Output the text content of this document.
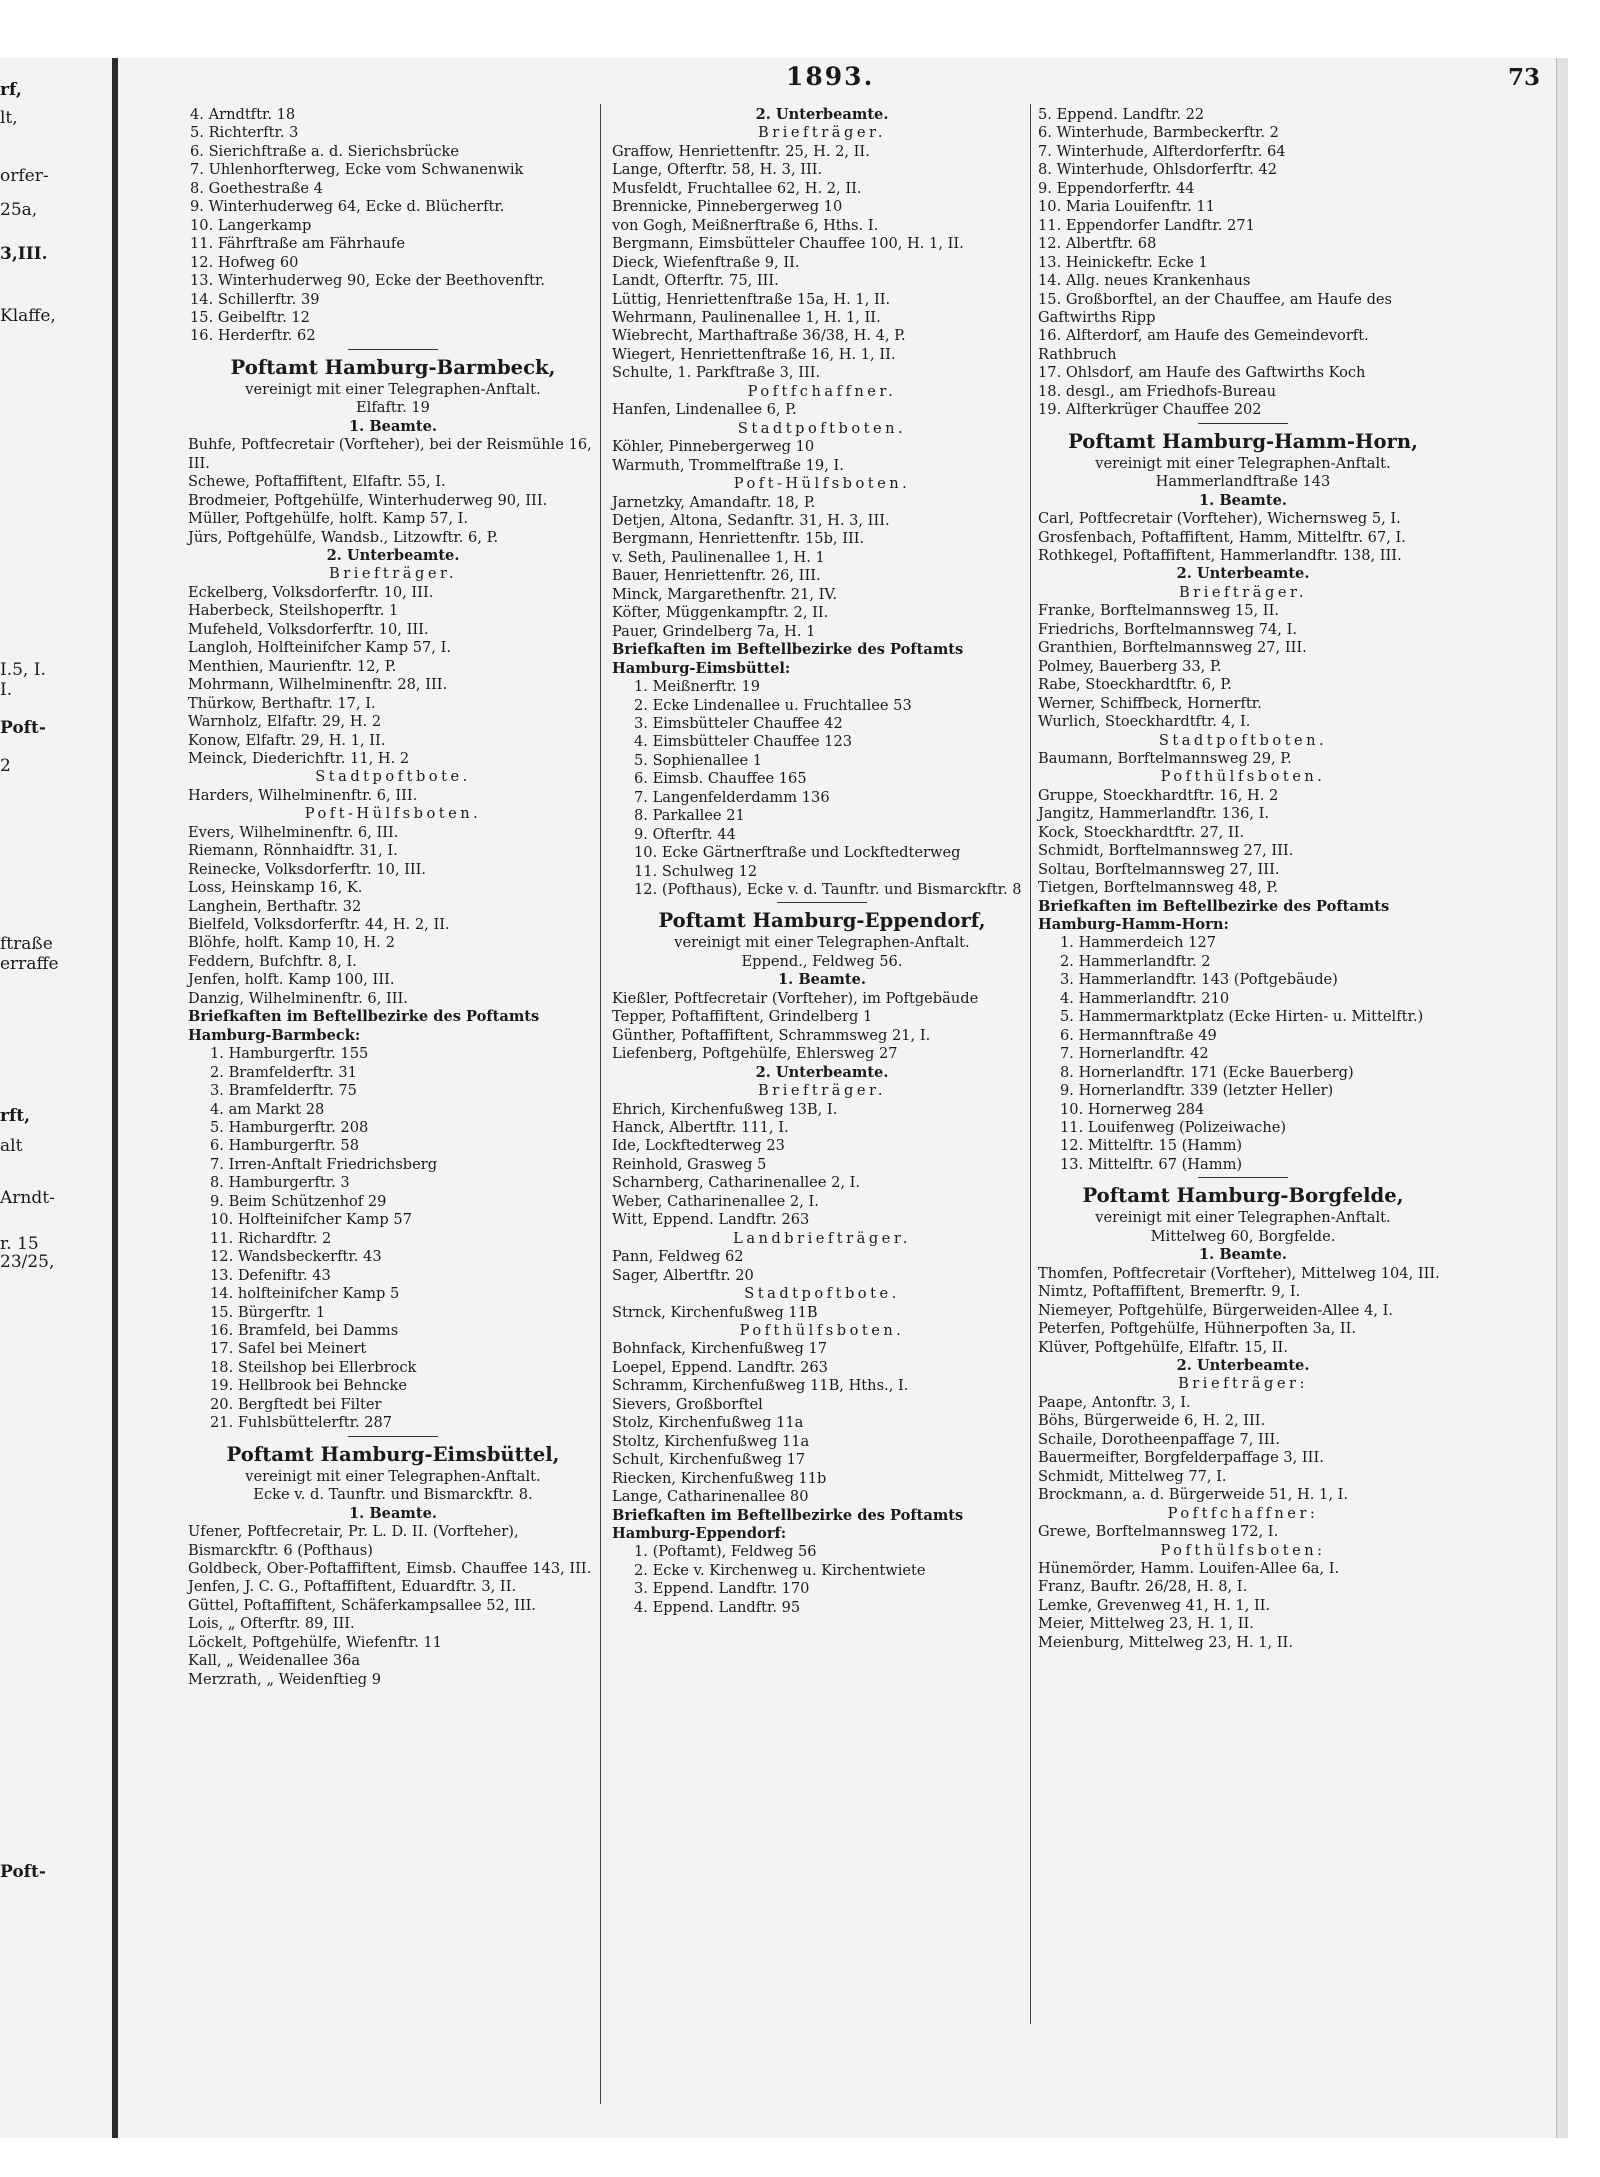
rf,
lt,
orfer-
25a,
3,III.
Klaffe,
I.5, I.
I.
Poft-
2
ftraße
erraffe
rft,
alt
Arndt-
r. 15
23/25,
Poft-
1893.	73
4. Arndtftr. 18
5. Richterftr. 3
6. Sierichftraße a. d. Sierichsbrücke
7. Uhlenhorfterweg, Ecke vom Schwanenwik
8. Goethestraße 4
9. Winterhuderweg 64, Ecke d. Blücherftr.
10. Langerkamp
11. Fährftraße am Fährhaufe
12. Hofweg 60
13. Winterhuderweg 90, Ecke der Beethovenftr.
14. Schillerftr. 39
15. Geibelftr. 12
16. Herderftr. 62
Poftamt Hamburg-Barmbeck,
vereinigt mit einer Telegraphen-Anftalt.
Elfaftr. 19
1. Beamte.
Buhfe, Poftfecretair (Vorfteher), bei der Reismühle 16, III.
Schewe, Poftaffiftent, Elfaftr. 55, I.
Brodmeier, Poftgehülfe, Winterhuderweg 90, III.
Müller, Poftgehülfe, holft. Kamp 57, I.
Jürs, Poftgehülfe, Wandsb., Litzowftr. 6, P.
2. Unterbeamte.
Briefträger.
Eckelberg, Volksdorferftr. 10, III.
Haberbeck, Steilshoperftr. 1
Mufeheld, Volksdorferftr. 10, III.
Langloh, Holfteinifcher Kamp 57, I.
Menthien, Maurienftr. 12, P.
Mohrmann, Wilhelminenftr. 28, III.
Thürkow, Berthaftr. 17, I.
Warnholz, Elfaftr. 29, H. 2
Konow, Elfaftr. 29, H. 1, II.
Meinck, Diederichftr. 11, H. 2
Stadtpoftbote.
Harders, Wilhelminenftr. 6, III.
Poft-Hülfsboten.
Evers, Wilhelminenftr. 6, III.
Riemann, Rönnhaidftr. 31, I.
Reinecke, Volksdorferftr. 10, III.
Loss, Heinskamp 16, K.
Langhein, Berthaftr. 32
Bielfeld, Volksdorferftr. 44, H. 2, II.
Blöhfe, holft. Kamp 10, H. 2
Feddern, Bufchftr. 8, I.
Jenfen, holft. Kamp 100, III.
Danzig, Wilhelminenftr. 6, III.
Briefkaften im Beftellbezirke des Poftamts Hamburg-Barmbeck:
1. Hamburgerftr. 155
2. Bramfelderftr. 31
3. Bramfelderftr. 75
4. am Markt 28
5. Hamburgerftr. 208
6. Hamburgerftr. 58
7. Irren-Anftalt Friedrichsberg
8. Hamburgerftr. 3
9. Beim Schützenhof 29
10. Holfteinifcher Kamp 57
11. Richardftr. 2
12. Wandsbeckerftr. 43
13. Defeniftr. 43
14. holfteinifcher Kamp 5
15. Bürgerftr. 1
16. Bramfeld, bei Damms
17. Safel bei Meinert
18. Steilshop bei Ellerbrock
19. Hellbrook bei Behncke
20. Bergftedt bei Filter
21. Fuhlsbüttelerftr. 287
Poftamt Hamburg-Eimsbüttel,
vereinigt mit einer Telegraphen-Anftalt.
Ecke v. d. Taunftr. und Bismarckftr. 8.
1. Beamte.
Ufener, Poftfecretair, Pr. L. D. II. (Vorfteher), Bismarckftr. 6 (Pofthaus)
Goldbeck, Ober-Poftaffiftent, Eimsb. Chauffee 143, III.
Jenfen, J. C. G., Poftaffiftent, Eduardftr. 3, II.
Güttel, Poftaffiftent, Schäferkampsallee 52, III.
Lois, „ Ofterftr. 89, III.
Löckelt, Poftgehülfe, Wiefenftr. 11
Kall, „ Weidenallee 36a
Merzrath, „ Weidenftieg 9
2. Unterbeamte.
Briefträger.
Graffow, Henriettenftr. 25, H. 2, II.
Lange, Ofterftr. 58, H. 3, III.
Musfeldt, Fruchtallee 62, H. 2, II.
Brennicke, Pinnebergerweg 10
von Gogh, Meißnerftraße 6, Hths. I.
Bergmann, Eimsbütteler Chauffee 100, H. 1, II.
Dieck, Wiefenftraße 9, II.
Landt, Ofterftr. 75, III.
Lüttig, Henriettenftraße 15a, H. 1, II.
Wehrmann, Paulinenallee 1, H. 1, II.
Wiebrecht, Marthaftraße 36/38, H. 4, P.
Wiegert, Henriettenftraße 16, H. 1, II.
Schulte, 1. Parkftraße 3, III.
Poftfchaffner.
Hanfen, Lindenallee 6, P.
Stadtpoftboten.
Köhler, Pinnebergerweg 10
Warmuth, Trommelftraße 19, I.
Poft-Hülfsboten.
Jarnetzky, Amandaftr. 18, P.
Detjen, Altona, Sedanftr. 31, H. 3, III.
Bergmann, Henriettenftr. 15b, III.
v. Seth, Paulinenallee 1, H. 1
Bauer, Henriettenftr. 26, III.
Minck, Margarethenftr. 21, IV.
Köfter, Müggenkampftr. 2, II.
Pauer, Grindelberg 7a, H. 1
Briefkaften im Beftellbezirke des Poftamts Hamburg-Eimsbüttel:
1. Meißnerftr. 19
2. Ecke Lindenallee u. Fruchtallee 53
3. Eimsbütteler Chauffee 42
4. Eimsbütteler Chauffee 123
5. Sophienallee 1
6. Eimsb. Chauffee 165
7. Langenfelderdamm 136
8. Parkallee 21
9. Ofterftr. 44
10. Ecke Gärtnerftraße und Lockftedterweg
11. Schulweg 12
12. (Pofthaus), Ecke v. d. Taunftr. und Bismarckftr. 8
Poftamt Hamburg-Eppendorf,
vereinigt mit einer Telegraphen-Anftalt.
Eppend., Feldweg 56.
1. Beamte.
Kießler, Poftfecretair (Vorfteher), im Poftgebäude
Tepper, Poftaffiftent, Grindelberg 1
Günther, Poftaffiftent, Schrammsweg 21, I.
Liefenberg, Poftgehülfe, Ehlersweg 27
2. Unterbeamte.
Briefträger.
Ehrich, Kirchenfußweg 13B, I.
Hanck, Albertftr. 111, I.
Ide, Lockftedterweg 23
Reinhold, Grasweg 5
Scharnberg, Catharinenallee 2, I.
Weber, Catharinenallee 2, I.
Witt, Eppend. Landftr. 263
Landbriefträger.
Pann, Feldweg 62
Sager, Albertftr. 20
Stadtpoftbote.
Strnck, Kirchenfußweg 11B
Pofthülfsboten.
Bohnfack, Kirchenfußweg 17
Loepel, Eppend. Landftr. 263
Schramm, Kirchenfußweg 11B, Hths., I.
Sievers, Großborftel
Stolz, Kirchenfußweg 11a
Stoltz, Kirchenfußweg 11a
Schult, Kirchenfußweg 17
Riecken, Kirchenfußweg 11b
Lange, Catharinenallee 80
Briefkaften im Beftellbezirke des Poftamts Hamburg-Eppendorf:
1. (Poftamt), Feldweg 56
2. Ecke v. Kirchenweg u. Kirchentwiete
3. Eppend. Landftr. 170
4. Eppend. Landftr. 95
5. Eppend. Landftr. 22
6. Winterhude, Barmbeckerftr. 2
7. Winterhude, Alfterdorferftr. 64
8. Winterhude, Ohlsdorferftr. 42
9. Eppendorferftr. 44
10. Maria Louifenftr. 11
11. Eppendorfer Landftr. 271
12. Albertftr. 68
13. Heinickeftr. Ecke 1
14. Allg. neues Krankenhaus
15. Großborftel, an der Chauffee, am Haufe des Gaftwirths Ripp
16. Alfterdorf, am Haufe des Gemeindevorft. Rathbruch
17. Ohlsdorf, am Haufe des Gaftwirths Koch
18. desgl., am Friedhofs-Bureau
19. Alfterkrüger Chauffee 202
Poftamt Hamburg-Hamm-Horn,
vereinigt mit einer Telegraphen-Anftalt.
Hammerlandftraße 143
1. Beamte.
Carl, Poftfecretair (Vorfteher), Wichernsweg 5, I.
Grosfenbach, Poftaffiftent, Hamm, Mittelftr. 67, I.
Rothkegel, Poftaffiftent, Hammerlandftr. 138, III.
2. Unterbeamte.
Briefträger.
Franke, Borftelmannsweg 15, II.
Friedrichs, Borftelmannsweg 74, I.
Granthien, Borftelmannsweg 27, III.
Polmey, Bauerberg 33, P.
Rabe, Stoeckhardtftr. 6, P.
Werner, Schiffbeck, Hornerftr.
Wurlich, Stoeckhardtftr. 4, I.
Stadtpoftboten.
Baumann, Borftelmannsweg 29, P.
Pofthülfsboten.
Gruppe, Stoeckhardtftr. 16, H. 2
Jangitz, Hammerlandftr. 136, I.
Kock, Stoeckhardtftr. 27, II.
Schmidt, Borftelmannsweg 27, III.
Soltau, Borftelmannsweg 27, III.
Tietgen, Borftelmannsweg 48, P.
Briefkaften im Beftellbezirke des Poftamts Hamburg-Hamm-Horn:
1. Hammerdeich 127
2. Hammerlandftr. 2
3. Hammerlandftr. 143 (Poftgebäude)
4. Hammerlandftr. 210
5. Hammermarktplatz (Ecke Hirten- u. Mittelftr.)
6. Hermannftraße 49
7. Hornerlandftr. 42
8. Hornerlandftr. 171 (Ecke Bauerberg)
9. Hornerlandftr. 339 (letzter Heller)
10. Hornerweg 284
11. Louifenweg (Polizeiwache)
12. Mittelftr. 15 (Hamm)
13. Mittelftr. 67 (Hamm)
Poftamt Hamburg-Borgfelde,
vereinigt mit einer Telegraphen-Anftalt.
Mittelweg 60, Borgfelde.
1. Beamte.
Thomfen, Poftfecretair (Vorfteher), Mittelweg 104, III.
Nimtz, Poftaffiftent, Bremerftr. 9, I.
Niemeyer, Poftgehülfe, Bürgerweiden-Allee 4, I.
Peterfen, Poftgehülfe, Hühnerpoften 3a, II.
Klüver, Poftgehülfe, Elfaftr. 15, II.
2. Unterbeamte.
Briefträger:
Paape, Antonftr. 3, I.
Böhs, Bürgerweide 6, H. 2, III.
Schaile, Dorotheenpaffage 7, III.
Bauermeifter, Borgfelderpaffage 3, III.
Schmidt, Mittelweg 77, I.
Brockmann, a. d. Bürgerweide 51, H. 1, I.
Poftfchaffner:
Grewe, Borftelmannsweg 172, I.
Pofthülfsboten:
Hünemörder, Hamm. Louifen-Allee 6a, I.
Franz, Bauftr. 26/28, H. 8, I.
Lemke, Grevenweg 41, H. 1, II.
Meier, Mittelweg 23, H. 1, II.
Meienburg, Mittelweg 23, H. 1, II.
